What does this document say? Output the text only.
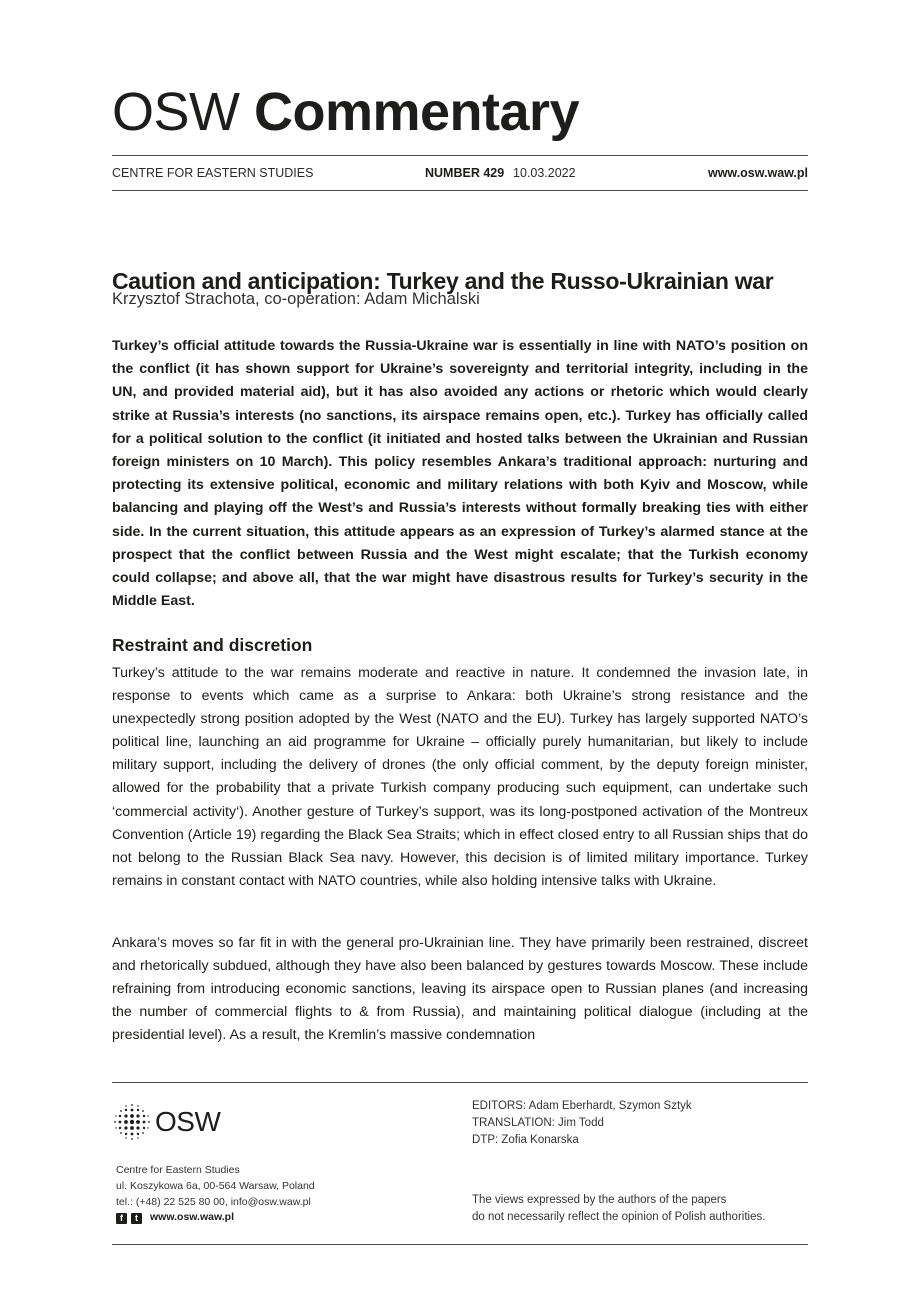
OSW Commentary
CENTRE FOR EASTERN STUDIES	NUMBER 429 10.03.2022	www.osw.waw.pl
Caution and anticipation: Turkey and the Russo-Ukrainian war
Krzysztof Strachota, co-operation: Adam Michalski

Turkey’s official attitude towards the Russia-Ukraine war is essentially in line with NATO’s position on the conflict (it has shown support for Ukraine’s sovereignty and territorial integrity, including in the UN, and provided material aid), but it has also avoided any actions or rhetoric which would clearly strike at Russia’s interests (no sanctions, its airspace remains open, etc.). Turkey has officially called for a political solution to the conflict (it initiated and hosted talks between the Ukrainian and Russian foreign ministers on 10 March). This policy resembles Ankara’s traditional approach: nurturing and protecting its extensive political, economic and military relations with both Kyiv and Moscow, while balancing and playing off the West’s and Russia’s interests without formally breaking ties with either side. In the current situation, this attitude appears as an expression of Turkey’s alarmed stance at the prospect that the conflict between Russia and the West might escalate; that the Turkish economy could collapse; and above all, that the war might have disastrous results for Turkey’s security in the Middle East.

Restraint and discretion

Turkey’s attitude to the war remains moderate and reactive in nature. It condemned the invasion late, in response to events which came as a surprise to Ankara: both Ukraine’s strong resistance and the unexpectedly strong position adopted by the West (NATO and the EU). Turkey has largely supported NATO’s political line, launching an aid programme for Ukraine – officially purely humanitarian, but likely to include military support, including the delivery of drones (the only official comment, by the deputy foreign minister, allowed for the probability that a private Turkish company producing such equipment, can undertake such ‘commercial activity‘). Another gesture of Turkey’s support, was its long-postponed activation of the Montreux Convention (Article 19) regarding the Black Sea Straits; which in effect closed entry to all Russian ships that do not belong to the Russian Black Sea navy. However, this decision is of limited military importance. Turkey remains in constant contact with NATO countries, while also holding intensive talks with Ukraine.

Ankara’s moves so far fit in with the general pro-Ukrainian line. They have primarily been restrained, discreet and rhetorically subdued, although they have also been balanced by gestures towards Moscow. These include refraining from introducing economic sanctions, leaving its airspace open to Russian planes (and increasing the number of commercial flights to & from Russia), and maintaining political dialogue (including at the presidential level). As a result, the Kremlin’s massive condemnation

OSW
Centre for Eastern Studies
ul. Koszykowa 6a, 00-564 Warsaw, Poland
tel.: (+48) 22 525 80 00, info@osw.waw.pl
f	t	www.osw.waw.pl
EDITORS: Adam Eberhardt, Szymon Sztyk
TRANSLATION: Jim Todd
DTP: Zofia Konarska
The views expressed by the authors of the papers
do not necessarily reflect the opinion of Polish authorities.
